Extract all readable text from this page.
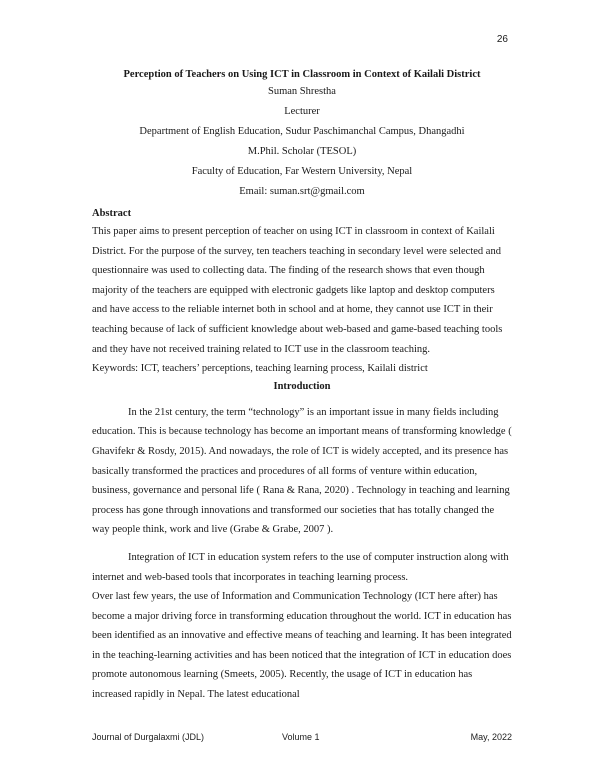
26

Perception of Teachers on Using ICT in Classroom in Context of Kailali District

Suman Shrestha

Lecturer

Department of English Education, Sudur Paschimanchal Campus, Dhangadhi

M.Phil. Scholar (TESOL)

Faculty of Education, Far Western University, Nepal

Email: suman.srt@gmail.com

Abstract

This paper aims to present perception of teacher on using ICT in classroom in context of Kailali District. For the purpose of the survey, ten teachers teaching in secondary level were selected and questionnaire was used to collecting data. The finding of the research shows that even though majority of the teachers are equipped with electronic gadgets like laptop and desktop computers and have access to the reliable internet both in school and at home, they cannot use ICT in their teaching because of lack of sufficient knowledge about web-based and game-based teaching tools and they have not received training related to ICT use in the classroom teaching.

Keywords: ICT, teachers’ perceptions, teaching learning process, Kailali district

Introduction

In the 21st century, the term “technology” is an important issue in many fields including education. This is because technology has become an important means of transforming knowledge ( Ghavifekr & Rosdy, 2015). And nowadays, the role of ICT is widely accepted, and its presence has basically transformed the practices and procedures of all forms of venture within education, business, governance and personal life ( Rana & Rana, 2020) . Technology in teaching and learning process has gone through innovations and transformed our societies that has totally changed the way people think, work and live (Grabe & Grabe, 2007 ).

Integration of ICT in education system refers to the use of computer instruction along with internet and web-based tools that incorporates in teaching learning process.

Over last few years, the use of Information and Communication Technology (ICT here after) has become a major driving force in transforming education throughout the world. ICT in education has been identified as an innovative and effective means of teaching and learning. It has been integrated in the teaching-learning activities and has been noticed that the integration of ICT in education does promote autonomous learning (Smeets, 2005). Recently, the usage of ICT in education has increased rapidly in Nepal. The latest educational

Journal of Durgalaxmi (JDL)	Volume 1	May, 2022
